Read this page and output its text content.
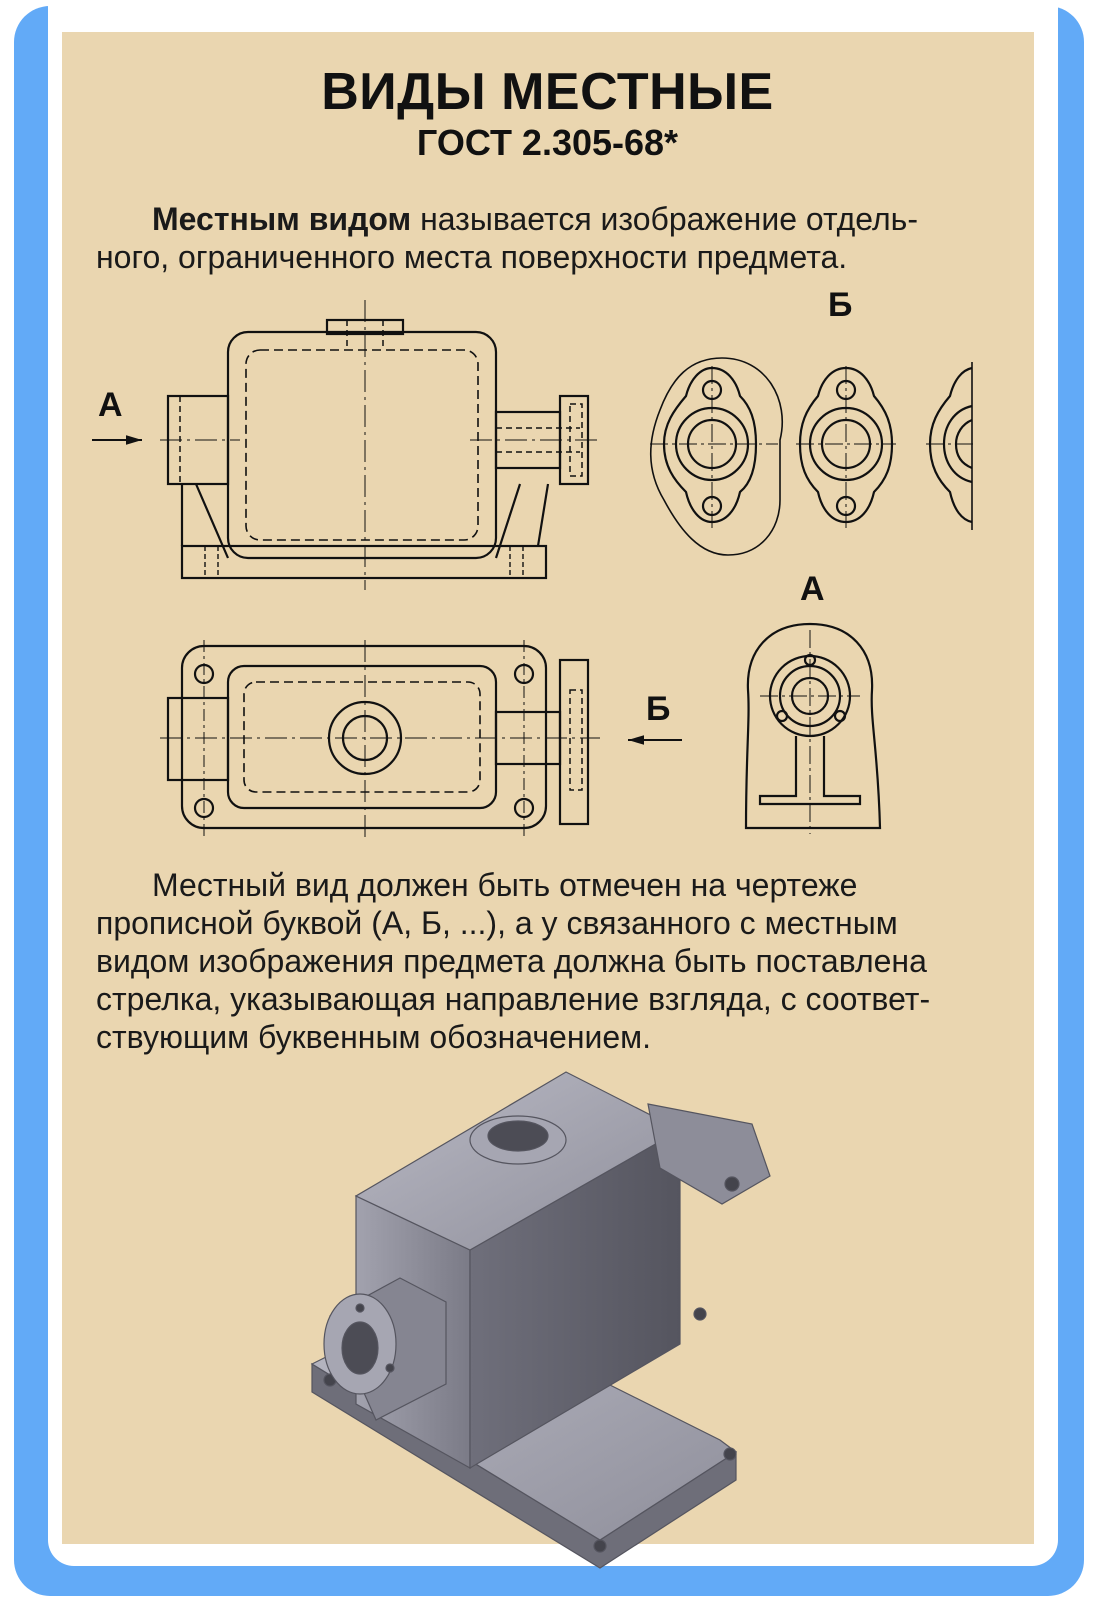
ВИДЫ МЕСТНЫЕ
ГОСТ 2.305-68*
Местным видом называется изображение отдель-
ного, ограниченного места поверхности предмета.
А
Б
А
Б
Местный вид должен быть отмечен на чертеже
прописной буквой (А, Б, ...), а у связанного с местным
видом изображения предмета должна быть поставлена
стрелка, указывающая направление взгляда, с соответ-
ствующим буквенным обозначением.
